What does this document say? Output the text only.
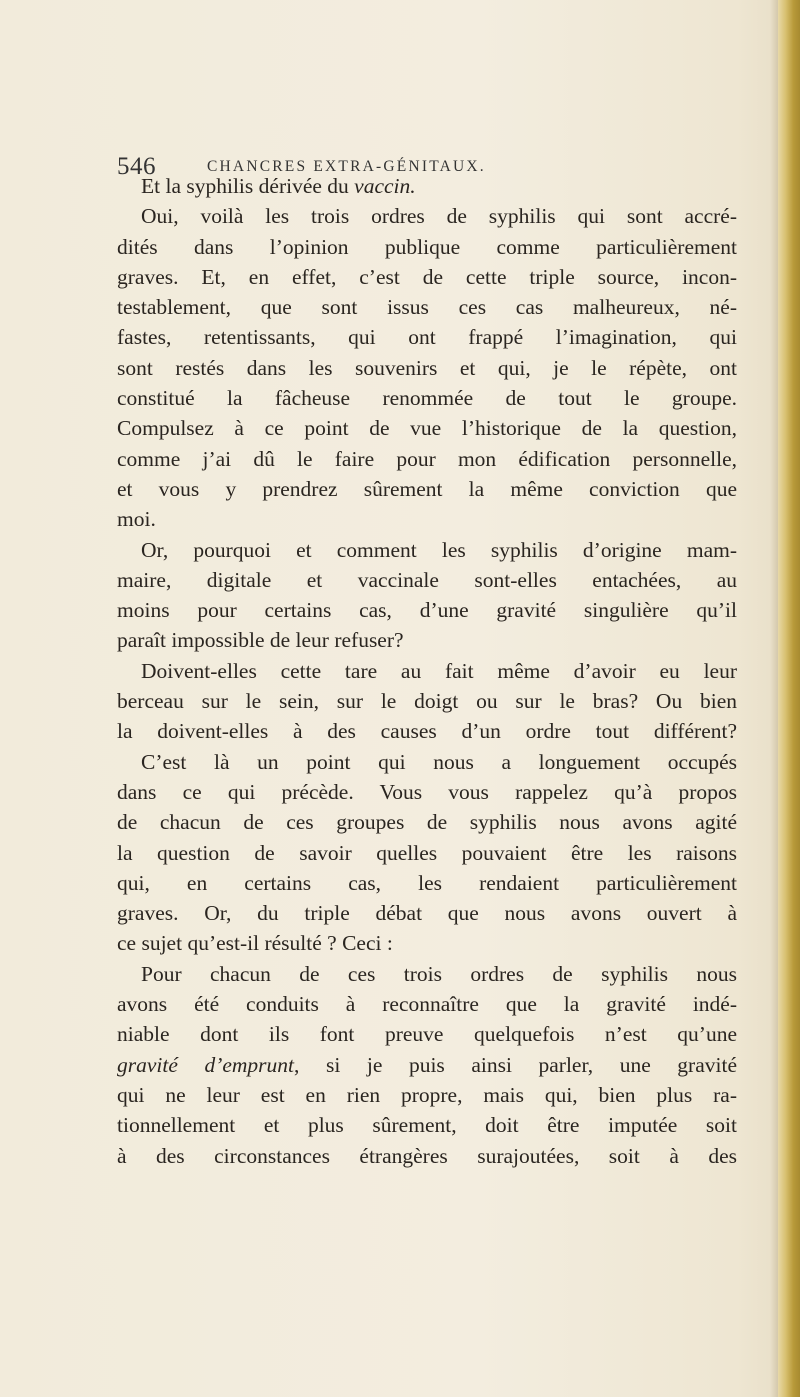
546	CHANCRES EXTRA-GÉNITAUX.
Et la syphilis dérivée du vaccin.
Oui, voilà les trois ordres de syphilis qui sont accré-
dités dans l’opinion publique comme particulièrement
graves. Et, en effet, c’est de cette triple source, incon-
testablement, que sont issus ces cas malheureux, né-
fastes, retentissants, qui ont frappé l’imagination, qui
sont restés dans les souvenirs et qui, je le répète, ont
constitué la fâcheuse renommée de tout le groupe.
Compulsez à ce point de vue l’historique de la question,
comme j’ai dû le faire pour mon édification personnelle,
et vous y prendrez sûrement la même conviction que
moi.
Or, pourquoi et comment les syphilis d’origine mam-
maire, digitale et vaccinale sont-elles entachées, au
moins pour certains cas, d’une gravité singulière qu’il
paraît impossible de leur refuser?
Doivent-elles cette tare au fait même d’avoir eu leur
berceau sur le sein, sur le doigt ou sur le bras? Ou bien
la doivent-elles à des causes d’un ordre tout différent?
C’est là un point qui nous a longuement occupés
dans ce qui précède. Vous vous rappelez qu’à propos
de chacun de ces groupes de syphilis nous avons agité
la question de savoir quelles pouvaient être les raisons
qui, en certains cas, les rendaient particulièrement
graves. Or, du triple débat que nous avons ouvert à
ce sujet qu’est-il résulté ? Ceci :
Pour chacun de ces trois ordres de syphilis nous
avons été conduits à reconnaître que la gravité indé-
niable dont ils font preuve quelquefois n’est qu’une
gravité d’emprunt, si je puis ainsi parler, une gravité
qui ne leur est en rien propre, mais qui, bien plus ra-
tionnellement et plus sûrement, doit être imputée soit
à des circonstances étrangères surajoutées, soit à des
